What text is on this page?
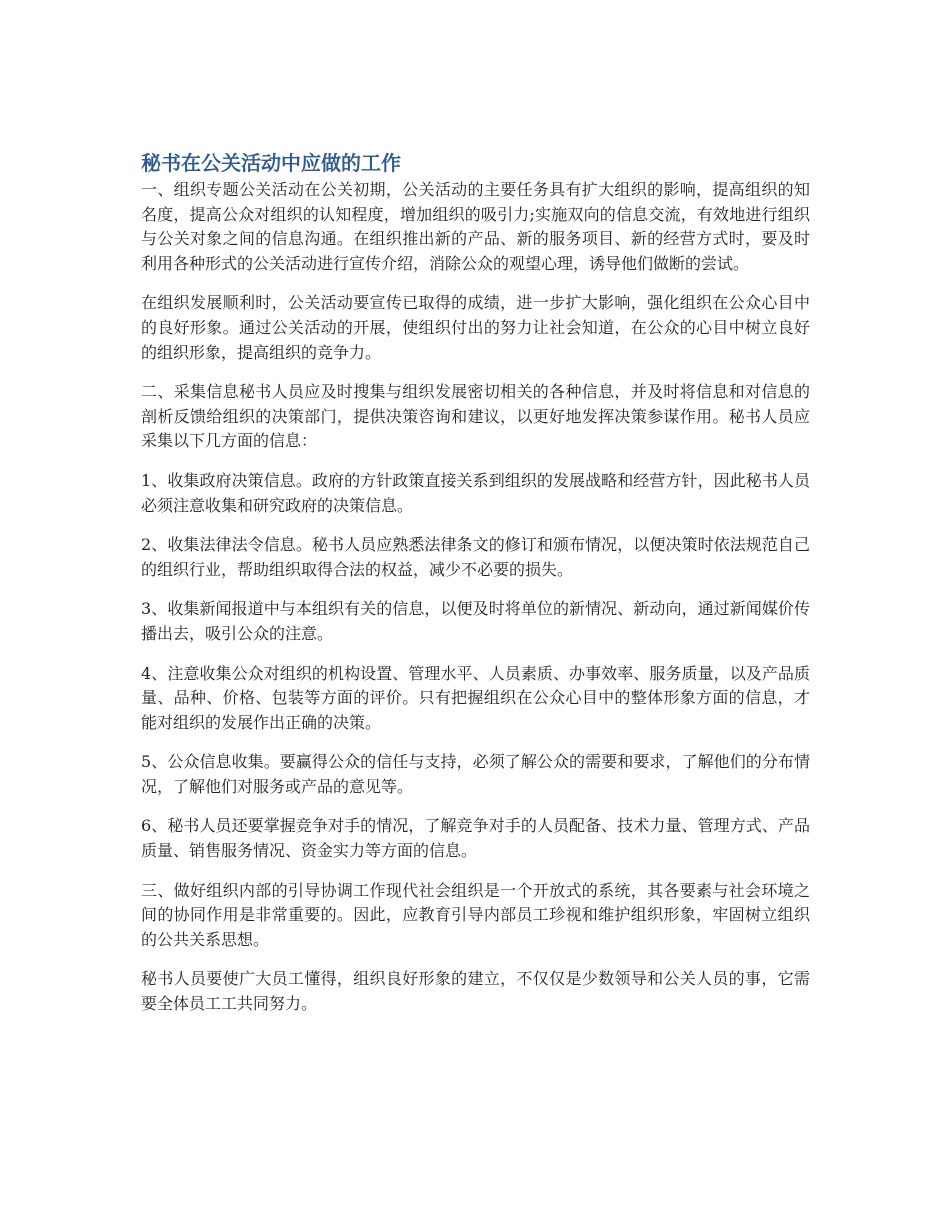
秘书在公关活动中应做的工作

一、组织专题公关活动在公关初期，公关活动的主要任务具有扩大组织的影响，提高组织的知名度，提高公众对组织的认知程度，增加组织的吸引力;实施双向的信息交流，有效地进行组织与公关对象之间的信息沟通。在组织推出新的产品、新的服务项目、新的经营方式时，要及时利用各种形式的公关活动进行宣传介绍，消除公众的观望心理，诱导他们做断的尝试。

在组织发展顺利时，公关活动要宣传已取得的成绩，进一步扩大影响，强化组织在公众心目中的良好形象。通过公关活动的开展，使组织付出的努力让社会知道，在公众的心目中树立良好的组织形象，提高组织的竞争力。

二、采集信息秘书人员应及时搜集与组织发展密切相关的各种信息，并及时将信息和对信息的剖析反馈给组织的决策部门，提供决策咨询和建议，以更好地发挥决策参谋作用。秘书人员应采集以下几方面的信息：

1、收集政府决策信息。政府的方针政策直接关系到组织的发展战略和经营方针，因此秘书人员必须注意收集和研究政府的决策信息。

2、收集法律法令信息。秘书人员应熟悉法律条文的修订和颁布情况，以便决策时依法规范自己的组织行业，帮助组织取得合法的权益，减少不必要的损失。

3、收集新闻报道中与本组织有关的信息，以便及时将单位的新情况、新动向，通过新闻媒价传播出去，吸引公众的注意。

4、注意收集公众对组织的机构设置、管理水平、人员素质、办事效率、服务质量，以及产品质量、品种、价格、包装等方面的评价。只有把握组织在公众心目中的整体形象方面的信息，才能对组织的发展作出正确的决策。

5、公众信息收集。要赢得公众的信任与支持，必须了解公众的需要和要求，了解他们的分布情况，了解他们对服务或产品的意见等。

6、秘书人员还要掌握竞争对手的情况，了解竞争对手的人员配备、技术力量、管理方式、产品质量、销售服务情况、资金实力等方面的信息。

三、做好组织内部的引导协调工作现代社会组织是一个开放式的系统，其各要素与社会环境之间的协同作用是非常重要的。因此，应教育引导内部员工珍视和维护组织形象，牢固树立组织的公共关系思想。

秘书人员要使广大员工懂得，组织良好形象的建立，不仅仅是少数领导和公关人员的事，它需要全体员工工共同努力。
